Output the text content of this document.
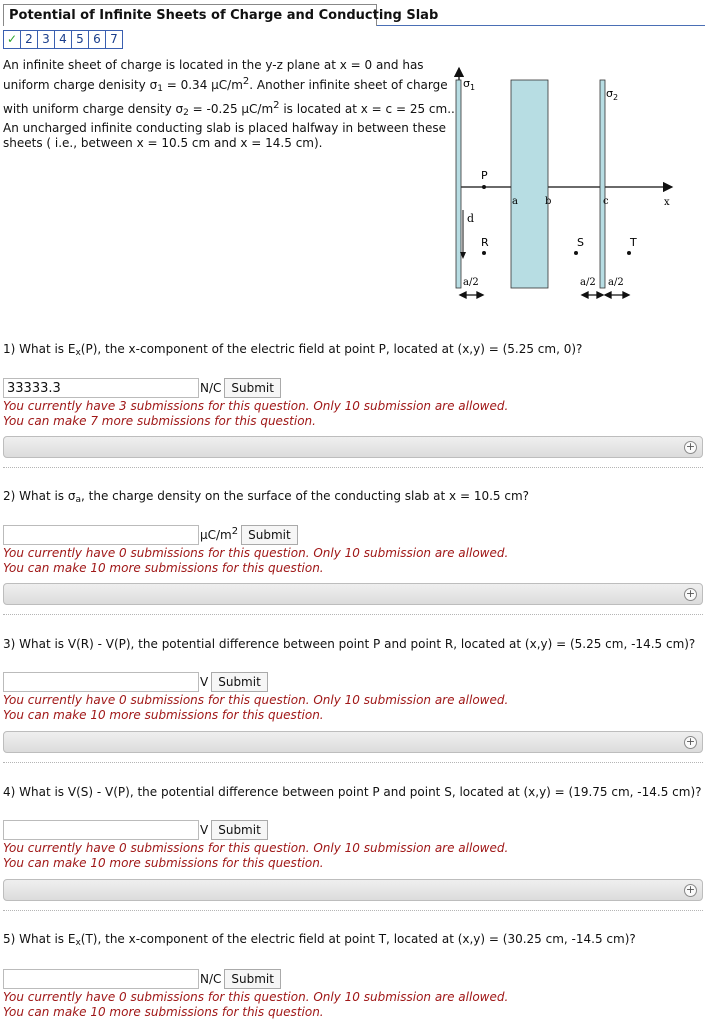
Potential of Infinite Sheets of Charge and Conducting Slab
✓ 2 3 4 5 6 7
An infinite sheet of charge is located in the y-z plane at x = 0 and has
uniform charge denisity $\sigma_1 = 0.34$ $\mu C/m^2$. Another infinite sheet of charge
with uniform charge density $\sigma_2 = -0.25$ $\mu C/m^2$ is located at x = c = 25 cm..
An uncharged infinite conducting slab is placed halfway in between these
sheets ( i.e., between x = 10.5 cm and x = 14.5 cm).
$\sigma_1$	$\sigma_2$
P
d
R	S	T
a	b	c	x
a/2	a/2 a/2
1) What is $E_x(P)$, the x-component of the electric field at point P, located at (x,y) = (5.25 cm, 0)?
33333.3
N/C Submit
You currently have 3 submissions for this question. Only 10 submission are allowed.
You can make 7 more submissions for this question.
+
2) What is $\sigma_a$, the charge density on the surface of the conducting slab at x = 10.5 cm?
$\mu C/m^2$ Submit
You currently have 0 submissions for this question. Only 10 submission are allowed.
You can make 10 more submissions for this question.
+
3) What is V(R) - V(P), the potential difference between point P and point R, located at (x,y) = (5.25 cm, -14.5 cm)?
V Submit
You currently have 0 submissions for this question. Only 10 submission are allowed.
You can make 10 more submissions for this question.
+
4) What is V(S) - V(P), the potential difference between point P and point S, located at (x,y) = (19.75 cm, -14.5 cm)?
V Submit
You currently have 0 submissions for this question. Only 10 submission are allowed.
You can make 10 more submissions for this question.
+
5) What is $E_x(T)$, the x-component of the electric field at point T, located at (x,y) = (30.25 cm, -14.5 cm)?
N/C Submit
You currently have 0 submissions for this question. Only 10 submission are allowed.
You can make 10 more submissions for this question.
